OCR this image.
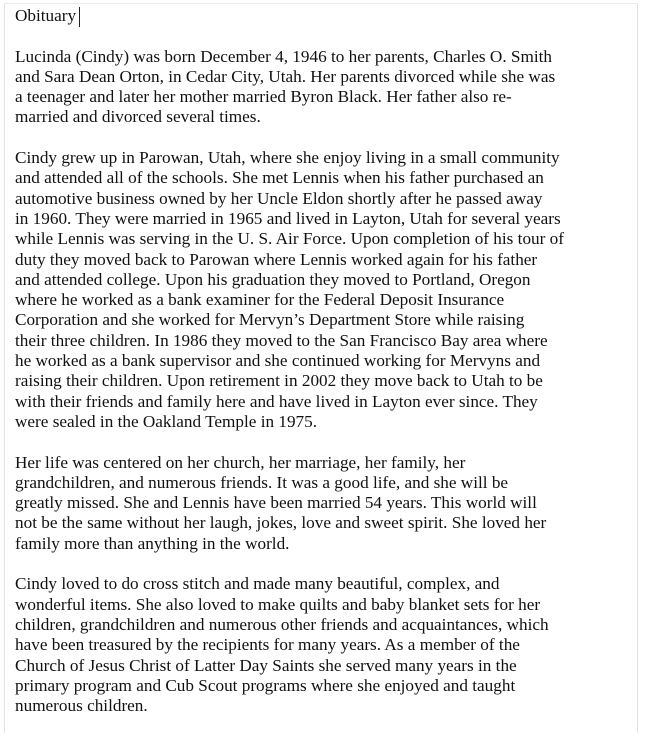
Obituary

Lucinda (Cindy) was born December 4, 1946 to her parents, Charles O. Smith
and Sara Dean Orton, in Cedar City, Utah. Her parents divorced while she was
a teenager and later her mother married Byron Black. Her father also re-
married and divorced several times.

Cindy grew up in Parowan, Utah, where she enjoy living in a small community
and attended all of the schools. She met Lennis when his father purchased an
automotive business owned by her Uncle Eldon shortly after he passed away
in 1960. They were married in 1965 and lived in Layton, Utah for several years
while Lennis was serving in the U. S. Air Force. Upon completion of his tour of
duty they moved back to Parowan where Lennis worked again for his father
and attended college. Upon his graduation they moved to Portland, Oregon
where he worked as a bank examiner for the Federal Deposit Insurance
Corporation and she worked for Mervyn’s Department Store while raising
their three children. In 1986 they moved to the San Francisco Bay area where
he worked as a bank supervisor and she continued working for Mervyns and
raising their children. Upon retirement in 2002 they move back to Utah to be
with their friends and family here and have lived in Layton ever since. They
were sealed in the Oakland Temple in 1975.

Her life was centered on her church, her marriage, her family, her
grandchildren, and numerous friends. It was a good life, and she will be
greatly missed. She and Lennis have been married 54 years. This world will
not be the same without her laugh, jokes, love and sweet spirit. She loved her
family more than anything in the world.

Cindy loved to do cross stitch and made many beautiful, complex, and
wonderful items. She also loved to make quilts and baby blanket sets for her
children, grandchildren and numerous other friends and acquaintances, which
have been treasured by the recipients for many years. As a member of the
Church of Jesus Christ of Latter Day Saints she served many years in the
primary program and Cub Scout programs where she enjoyed and taught
numerous children.
